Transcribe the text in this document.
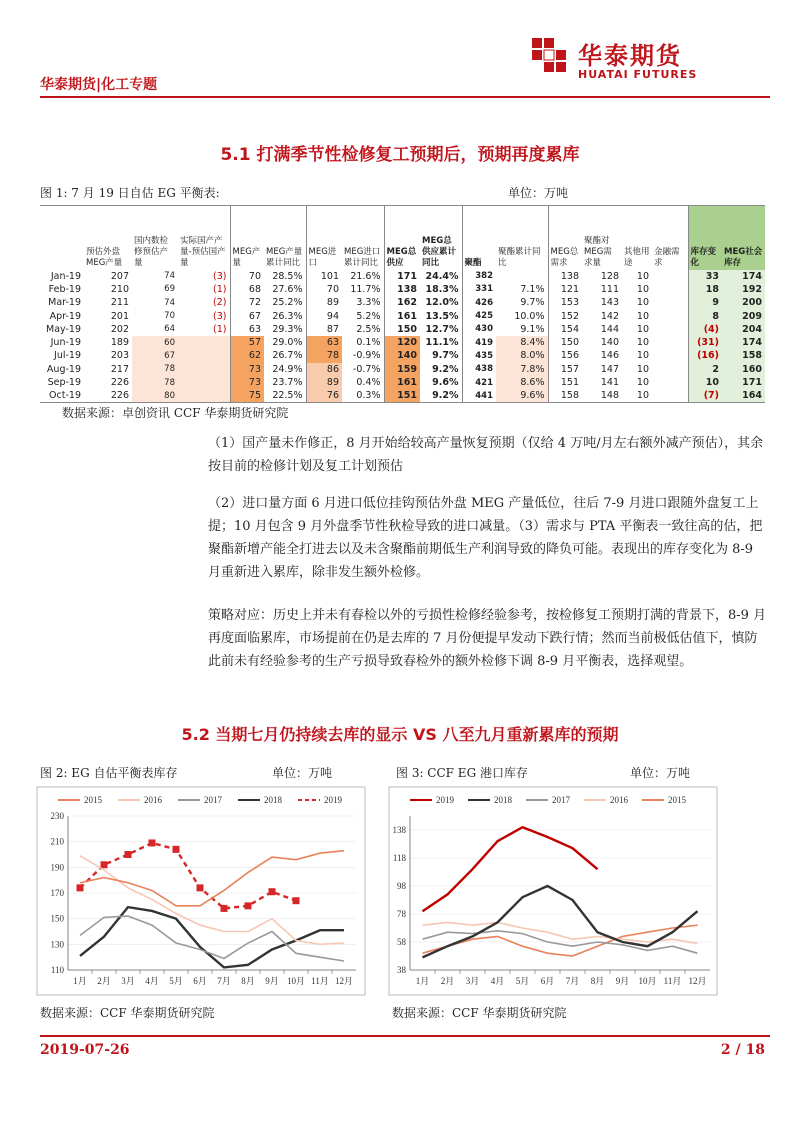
华泰期货|化工专题
华泰期货
HUATAI FUTURES
5.1 打满季节性检修复工预期后，预期再度累库
图 1: 7 月 19 日自估 EG 平衡表:	单位：万吨
	预估外盘MEG产量	国内数检修预估产量	实际国产产量-预估国产量	MEG产量	MEG产量累计同比	MEG进口	MEG进口累计同比	MEG总供应	MEG总供应累计同比	聚酯	聚酯累计同比	MEG总需求	聚酯对MEG需求量	其他用途	金融需求	库存变化	MEG社会库存
Jan-19	207	74	(3)	70	28.5%	101	21.6%	171	24.4%	382		138	128	10		33	174
Feb-19	210	69	(1)	68	27.6%	70	11.7%	138	18.3%	331	7.1%	121	111	10		18	192
Mar-19	211	74	(2)	72	25.2%	89	3.3%	162	12.0%	426	9.7%	153	143	10		9	200
Apr-19	201	70	(3)	67	26.3%	94	5.2%	161	13.5%	425	10.0%	152	142	10		8	209
May-19	202	64	(1)	63	29.3%	87	2.5%	150	12.7%	430	9.1%	154	144	10		(4)	204
Jun-19	189	60		57	29.0%	63	0.1%	120	11.1%	419	8.4%	150	140	10		(31)	174
Jul-19	203	67		62	26.7%	78	-0.9%	140	9.7%	435	8.0%	156	146	10		(16)	158
Aug-19	217	78		73	24.9%	86	-0.7%	159	9.2%	438	7.8%	157	147	10		2	160
Sep-19	226	78		73	23.7%	89	0.4%	161	9.6%	421	8.6%	151	141	10		10	171
Oct-19	226	80		75	22.5%	76	0.3%	151	9.2%	441	9.6%	158	148	10		(7)	164
数据来源：卓创资讯 CCF 华泰期货研究院
（1）国产量未作修正，8 月开始给较高产量恢复预期（仅给 4 万吨/月左右额外减产预估），其余按目前的检修计划及复工计划预估
（2）进口量方面 6 月进口低位挂钩预估外盘 MEG 产量低位，往后 7-9 月进口跟随外盘复工上提；10 月包含 9 月外盘季节性秋检导致的进口减量。（3）需求与 PTA 平衡表一致往高的估，把聚酯新增产能全打进去以及未含聚酯前期低生产利润导致的降负可能。表现出的库存变化为 8-9 月重新进入累库，除非发生额外检修。
策略对应：历史上并未有春检以外的亏损性检修经验参考，按检修复工预期打满的背景下，8-9 月再度面临累库，市场提前在仍是去库的 7 月份便提早发动下跌行情；然而当前极低估值下，慎防此前未有经验参考的生产亏损导致春检外的额外检修下调 8-9 月平衡表，选择观望。
5.2 当期七月仍持续去库的显示 VS 八至九月重新累库的预期
图 2: EG 自估平衡表库存	单位：万吨
2015	2016	2017	2018	2019
110
130
150
170
190
210
230
1月 2月 3月 4月 5月 6月 7月 8月 9月 10月 11月 12月
数据来源：CCF 华泰期货研究院
图 3: CCF EG 港口库存	单位：万吨
2019	2018	2017	2016	2015
38
58
78
98
118
138
1月 2月 3月 4月 5月 6月 7月 8月 9月 10月 11月 12月
数据来源：CCF 华泰期货研究院
2019-07-26	2 / 18
